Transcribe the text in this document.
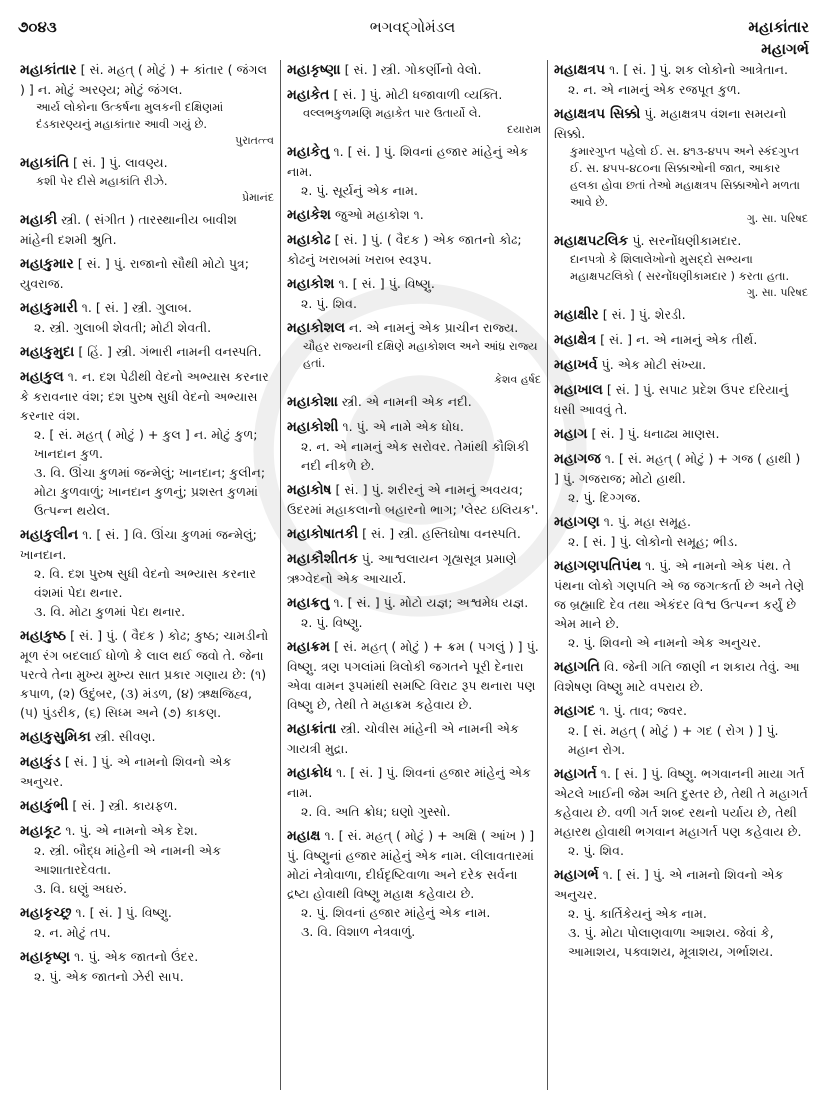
૭૦૪૩	ભગવદ્ગોમંડલ	મહાકાંતાર
મહાગર્ભ
મહાકાંતાર [ સં. મહત્ ( મોટું ) + કાંતાર ( જંગલ ) ] ન. મોટું અરણ્ય; મોટું જંગલ.
આર્ય લોકોના ઉત્કર્ષના મુલકની દક્ષિણમાં દંડકારણ્યનું મહાકાંતાર આવી ગયું છે.
પુરાતત્ત્વ
મહાકાંતિ [ સં. ] પું. લાવણ્ય.
કશી પેર દીસે મહાકાંતિ રીઝે.
પ્રેમાનંદ
મહાકી સ્ત્રી. ( સંગીત ) તારસ્થાનીય બાવીશ માંહેની દશમી શ્રુતિ.
મહાકુમાર [ સં. ] પું. રાજાનો સૌથી મોટો પુત્ર; યુવરાજ.
મહાકુમારી ૧. [ સં. ] સ્ત્રી. ગુલાબ.
૨. સ્ત્રી. ગુલાબી શેવતી; મોટી શેવતી.
મહાકુમુદા [ હિં. ] સ્ત્રી. ગંભારી નામની વનસ્પતિ.
મહાકુલ ૧. ન. દશ પેઢીથી વેદનો અભ્યાસ કરનાર કે કરાવનાર વંશ; દશ પુરુષ સુધી વેદનો અભ્યાસ કરનાર વંશ.
૨. [ સં. મહત્ ( મોટું ) + કુલ ] ન. મોટું કુળ; ખાનદાન કુળ.
૩. વિ. ઊંચા કુળમાં જન્મેલું; ખાનદાન; કુલીન; મોટા કુળવાળું; ખાનદાન કુળનું; પ્રશસ્ત કુળમાં ઉત્પન્ન થયેલ.
મહાકુલીન ૧. [ સં. ] વિ. ઊંચા કુળમાં જન્મેલું; ખાનદાન.
૨. વિ. દશ પુરુષ સુધી વેદનો અભ્યાસ કરનાર વંશમાં પેદા થનાર.
૩. વિ. મોટા કુળમાં પેદા થનાર.
મહાકુષ્ઠ [ સં. ] પું. ( વૈદક ) કોઢ; કુષ્ઠ; ચામડીનો મૂળ રંગ બદલાઈ ધોળો કે લાલ થઈ જવો તે. જેના પરત્વે તેના મુખ્ય મુખ્ય સાત પ્રકાર ગણાય છે: (૧) કપાળ, (૨) ઉદુંબર, (૩) મંડળ, (૪) ઋક્ષજિહ્વ, (૫) પુંડરીક, (૬) સિધ્મ અને (૭) કાકણ.
મહાકુસુમિકા સ્ત્રી. સીવણ.
મહાકુંડ [ સં. ] પું. એ નામનો શિવનો એક અનુચર.
મહાકુંભી [ સં. ] સ્ત્રી. કાયફળ.
મહાકૂટ ૧. પું. એ નામનો એક દેશ.
૨. સ્ત્રી. બૌદ્ધ માંહેની એ નામની એક આશાતારદેવતા.
૩. વિ. ઘણું અઘરું.
મહાકૃચ્છ્ર ૧. [ સં. ] પું. વિષ્ણુ.
૨. ન. મોટું તપ.
મહાકૃષ્ણ ૧. પું. એક જાતનો ઉંદર.
૨. પું. એક જાતનો ઝેરી સાપ.
મહાકૃષ્ણા [ સં. ] સ્ત્રી. ગોકર્ણીનો વેલો.
મહાકેત [ સં. ] પું. મોટી ધજાવાળી વ્યક્તિ.
વલ્લભકુળમણિ મહાકેત પાર ઉતાર્યો લે.
દયારામ
મહાકેતુ ૧. [ સં. ] પું. શિવનાં હજાર માંહેનું એક નામ.
૨. પું. સૂર્યનું એક નામ.
મહાકેશ જુઓ મહાકોશ ૧.
મહાકોઢ [ સં. ] પું. ( વૈદક ) એક જાતનો કોઢ; કોઢનું ખરાબમાં ખરાબ સ્વરૂપ.
મહાકોશ ૧. [ સં. ] પું. વિષ્ણુ.
૨. પું. શિવ.
મહાકોશલ ન. એ નામનું એક પ્રાચીન રાજ્ય.
ચૌહર રાજ્યની દક્ષિણે મહાકોશલ અને આંધ્ર રાજ્ય હતાં.
કેશવ હર્ષદ
મહાકોશા સ્ત્રી. એ નામની એક નદી.
મહાકોશી ૧. પું. એ નામે એક ધોધ.
૨. ન. એ નામનું એક સરોવર. તેમાંથી કૌશિકી નદી નીકળે છે.
મહાકોષ [ સં. ] પું. શરીરનું એ નામનું અવયવ; ઉદરમાં મહાકલાનો બહારનો ભાગ; 'લેસ્ટ ઇલિયક'.
મહાકોષાતકી [ સં. ] સ્ત્રી. હસ્તિઘોષા વનસ્પતિ.
મહાકૌશીતક પું. આશ્વલાયન ગૃહ્યસૂત્ર પ્રમાણે ઋગ્વેદનો એક આચાર્ય.
મહાક્રતુ ૧. [ સં. ] પું. મોટો યજ્ઞ; અશ્વમેધ યજ્ઞ.
૨. પું. વિષ્ણુ.
મહાક્રમ [ સં. મહત્ ( મોટું ) + ક્રમ ( પગલું ) ] પું. વિષ્ણુ. ત્રણ પગલાંમાં ત્રિલોકી જગતને પૂરી દેનારા એવા વામન રૂપમાંથી સમષ્ટિ વિરાટ રૂપ થનારા પણ વિષ્ણુ છે, તેથી તે મહાક્રમ કહેવાય છે.
મહાક્રાંતા સ્ત્રી. ચોવીસ માંહેની એ નામની એક ગાયત્રી મુદ્રા.
મહાક્રોધ ૧. [ સં. ] પું. શિવનાં હજાર માંહેનું એક નામ.
૨. વિ. અતિ ક્રોધ; ઘણો ગુસ્સો.
મહાક્ષ ૧. [ સં. મહત્ ( મોટું ) + અક્ષિ ( આંખ ) ] પું. વિષ્ણુનાં હજાર માંહેનું એક નામ. લીલાવતારમાં મોટાં નેત્રોવાળા, દીર્ઘદૃષ્ટિવાળા અને દરેક સર્વના દ્રષ્ટા હોવાથી વિષ્ણુ મહાક્ષ કહેવાય છે.
૨. પું. શિવનાં હજાર માંહેનું એક નામ.
૩. વિ. વિશાળ નેત્રવાળું.
મહાક્ષત્રપ ૧. [ સં. ] પું. શક લોકોનો આત્રેતાન.
૨. ન. એ નામનું એક રજપૂત કુળ.
મહાક્ષત્રપ સિક્કો પું. મહાક્ષત્રપ વંશના સમયનો સિક્કો.
કુમારગુપ્ત પહેલો ઈ. સ. ૪૧૩-૪૫૫ અને સ્કંદગુપ્ત ઈ. સ. ૪૫૫-૪૮૦ના સિક્કાઓની જાત, આકાર હલકા હોવા છતાં તેઓ મહાક્ષત્રપ સિક્કાઓને મળતા આવે છે.
ગુ. સા. પરિષદ
મહાક્ષપટલિક પું. સરનોંધણીકામદાર.
દાનપત્રો કે શિલાલેખોનો મુસદ્દો સભ્યના મહાક્ષપટલિકો ( સરનોંધણીકામદાર ) કરતા હતા.
ગુ. સા. પરિષદ
મહાક્ષીર [ સં. ] પું. શેરડી.
મહાક્ષેત્ર [ સં. ] ન. એ નામનું એક તીર્થ.
મહાખર્વ પું. એક મોટી સંખ્યા.
મહાખાલ [ સં. ] પું. સપાટ પ્રદેશ ઉપર દરિયાનું ધસી આવવું તે.
મહાગ [ સં. ] પું. ધનાઢ્ય માણસ.
મહાગજ ૧. [ સં. મહત્ ( મોટું ) + ગજ ( હાથી ) ] પું. ગજરાજ; મોટો હાથી.
૨. પું. દિગ્ગજ.
મહાગણ ૧. પું. મહા સમૂહ.
૨. [ સં. ] પું. લોકોનો સમૂહ; ભીડ.
મહાગણપતિપંથ ૧. પું. એ નામનો એક પંથ. તે પંથના લોકો ગણપતિ એ જ જગત્કર્તા છે અને તેણે જ બ્રહ્માદિ દેવ તથા એકંદર વિશ્વ ઉત્પન્ન કર્યું છે એમ માને છે.
૨. પું. શિવનો એ નામનો એક અનુચર.
મહાગતિ વિ. જેની ગતિ જાણી ન શકાય તેવું. આ વિશેષણ વિષ્ણુ માટે વપરાય છે.
મહાગદ ૧. પું. તાવ; જ્વર.
૨. [ સં. મહત્ ( મોટું ) + ગદ ( રોગ ) ] પું. મહાન રોગ.
મહાગર્ત ૧. [ સં. ] પું. વિષ્ણુ. ભગવાનની માયા ગર્ત એટલે ખાઈની જેમ અતિ દુસ્તર છે, તેથી તે મહાગર્ત કહેવાય છે. વળી ગર્ત શબ્દ રથનો પર્યાય છે, તેથી મહારથ હોવાથી ભગવાન મહાગર્ત પણ કહેવાય છે.
૨. પું. શિવ.
મહાગર્ભ ૧. [ સં. ] પું. એ નામનો શિવનો એક અનુચર.
૨. પું. કાર્તિકેયનું એક નામ.
૩. પું. મોટા પોલાણવાળા આશય. જેવાં કે, આમાશય, પક્વાશય, મૂત્રાશય, ગર્ભાશય.
